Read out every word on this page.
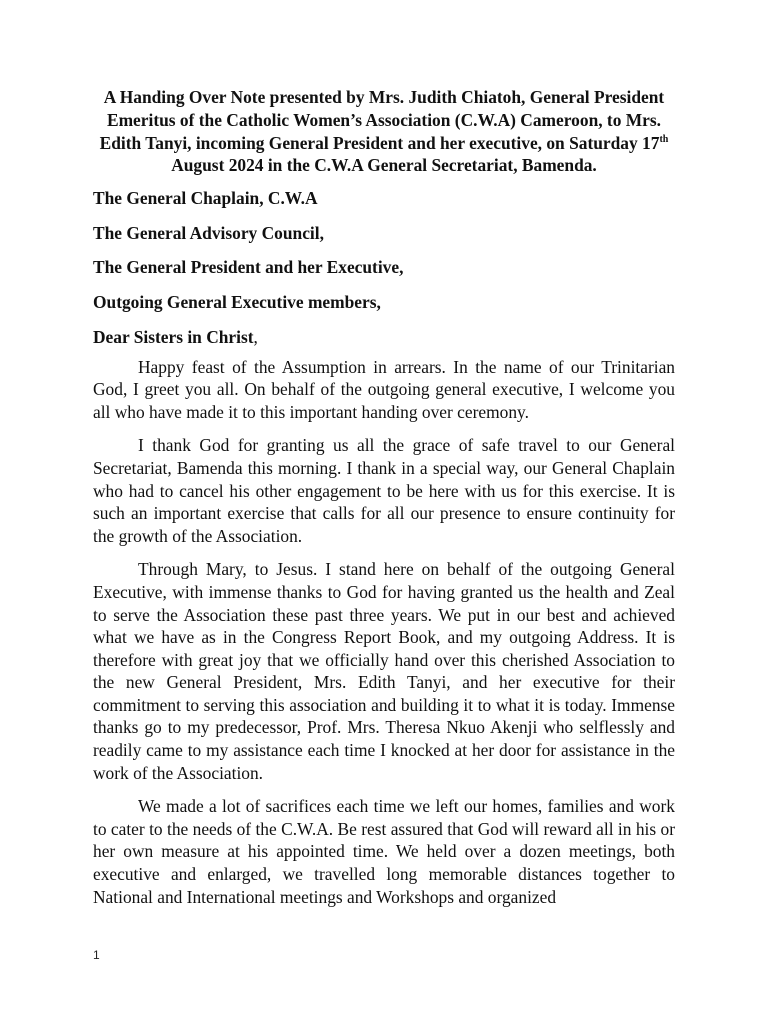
A Handing Over Note presented by Mrs. Judith Chiatoh, General President Emeritus of the Catholic Women’s Association (C.W.A) Cameroon, to Mrs. Edith Tanyi, incoming General President and her executive, on Saturday 17th August 2024 in the C.W.A General Secretariat, Bamenda.

The General Chaplain, C.W.A

The General Advisory Council,

The General President and her Executive,

Outgoing General Executive members,

Dear Sisters in Christ,

Happy feast of the Assumption in arrears. In the name of our Trinitarian God, I greet you all. On behalf of the outgoing general executive, I welcome you all who have made it to this important handing over ceremony.

I thank God for granting us all the grace of safe travel to our General Secretariat, Bamenda this morning. I thank in a special way, our General Chaplain who had to cancel his other engagement to be here with us for this exercise. It is such an important exercise that calls for all our presence to ensure continuity for the growth of the Association.

Through Mary, to Jesus. I stand here on behalf of the outgoing General Executive, with immense thanks to God for having granted us the health and Zeal to serve the Association these past three years. We put in our best and achieved what we have as in the Congress Report Book, and my outgoing Address. It is therefore with great joy that we officially hand over this cherished Association to the new General President, Mrs. Edith Tanyi, and her executive for their commitment to serving this association and building it to what it is today. Immense thanks go to my predecessor, Prof. Mrs. Theresa Nkuo Akenji who selflessly and readily came to my assistance each time I knocked at her door for assistance in the work of the Association.

We made a lot of sacrifices each time we left our homes, families and work to cater to the needs of the C.W.A. Be rest assured that God will reward all in his or her own measure at his appointed time. We held over a dozen meetings, both executive and enlarged, we travelled long memorable distances together to National and International meetings and Workshops and organized

1
